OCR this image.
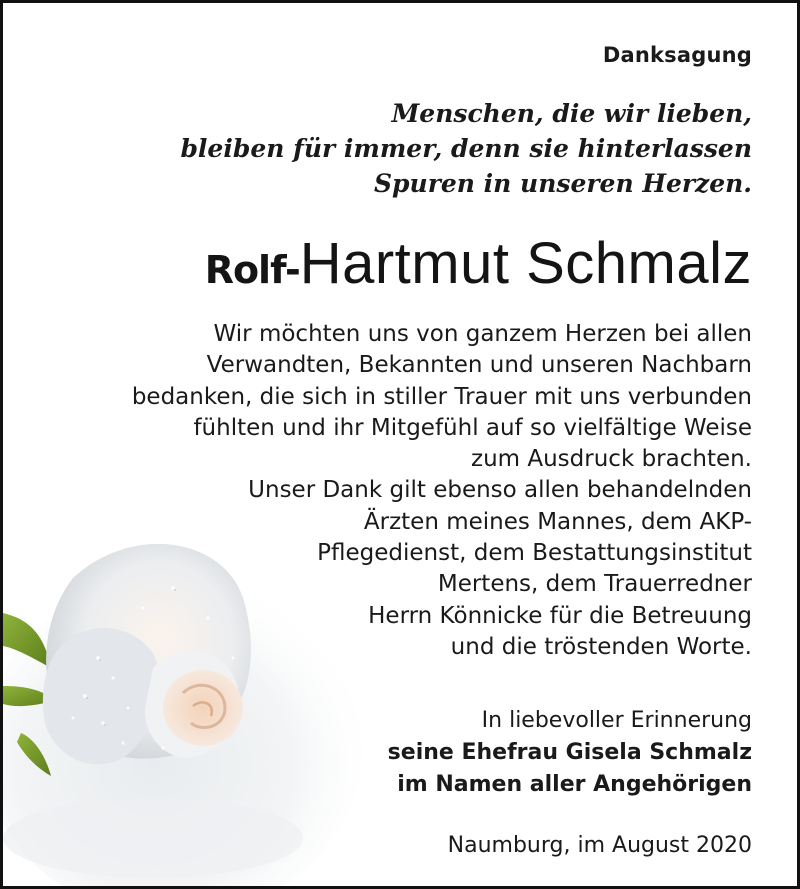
Danksagung
Menschen, die wir lieben,
bleiben für immer, denn sie hinterlassen
Spuren in unseren Herzen.
Rolf-Hartmut Schmalz
Wir möchten uns von ganzem Herzen bei allen
Verwandten, Bekannten und unseren Nachbarn
bedanken, die sich in stiller Trauer mit uns verbunden
fühlten und ihr Mitgefühl auf so vielfältige Weise
zum Ausdruck brachten.
Unser Dank gilt ebenso allen behandelnden
Ärzten meines Mannes, dem AKP-
Pflegedienst, dem Bestattungsinstitut
Mertens, dem Trauerredner
Herrn Könnicke für die Betreuung
und die tröstenden Worte.
In liebevoller Erinnerung
seine Ehefrau Gisela Schmalz
im Namen aller Angehörigen
Naumburg, im August 2020
